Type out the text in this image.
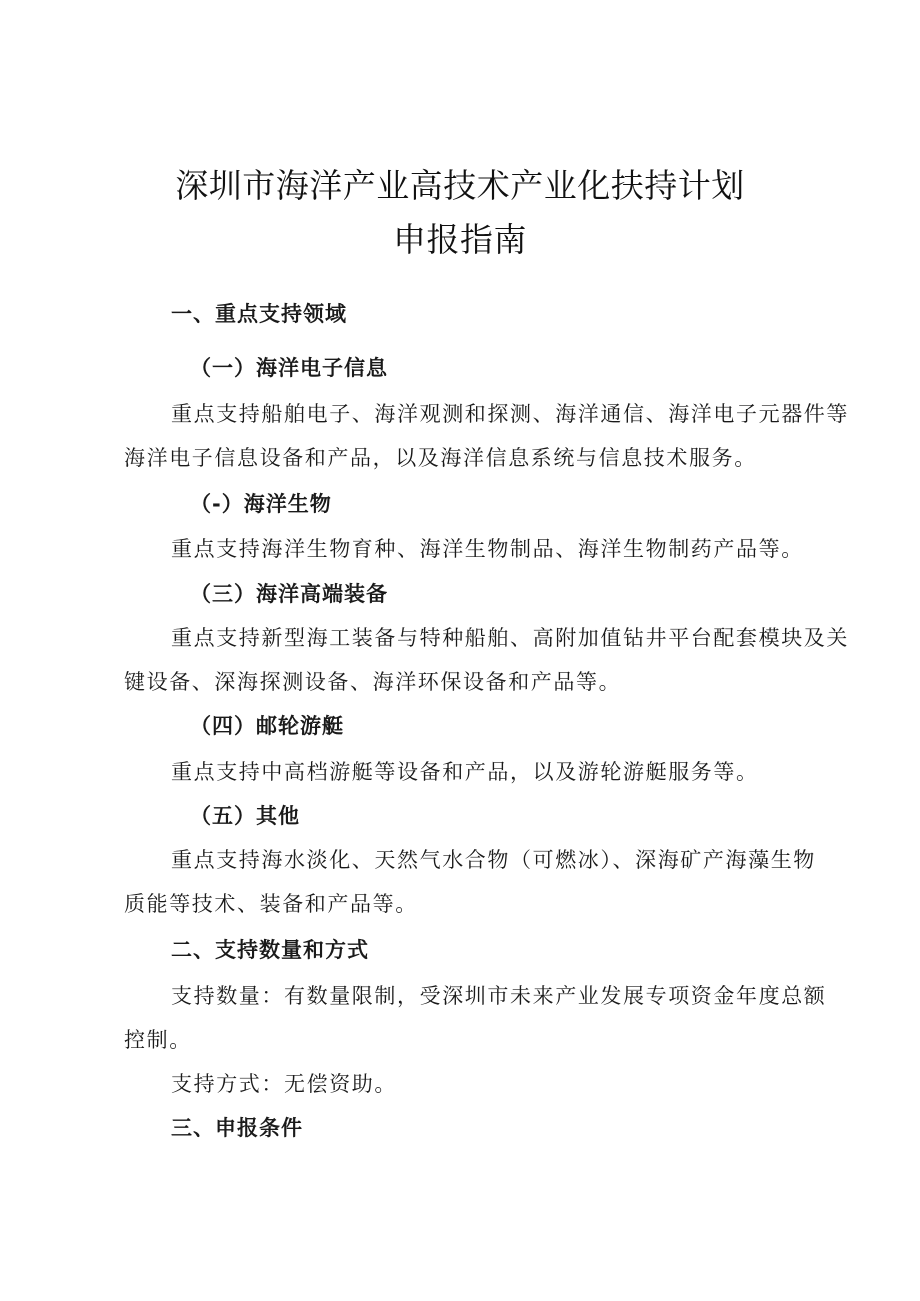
深圳市海洋产业高技术产业化扶持计划
申报指南
一、重点支持领域
（一）海洋电子信息
重点支持船舶电子、海洋观测和探测、海洋通信、海洋电子元器件等
海洋电子信息设备和产品，以及海洋信息系统与信息技术服务。
（-）海洋生物
重点支持海洋生物育种、海洋生物制品、海洋生物制药产品等。
（三）海洋高端装备
重点支持新型海工装备与特种船舶、高附加值钻井平台配套模块及关
键设备、深海探测设备、海洋环保设备和产品等。
（四）邮轮游艇
重点支持中高档游艇等设备和产品，以及游轮游艇服务等。
（五）其他
重点支持海水淡化、天然气水合物（可燃冰）、深海矿产海藻生物
质能等技术、装备和产品等。
二、支持数量和方式
支持数量：有数量限制，受深圳市未来产业发展专项资金年度总额
控制。
支持方式：无偿资助。
三、申报条件
